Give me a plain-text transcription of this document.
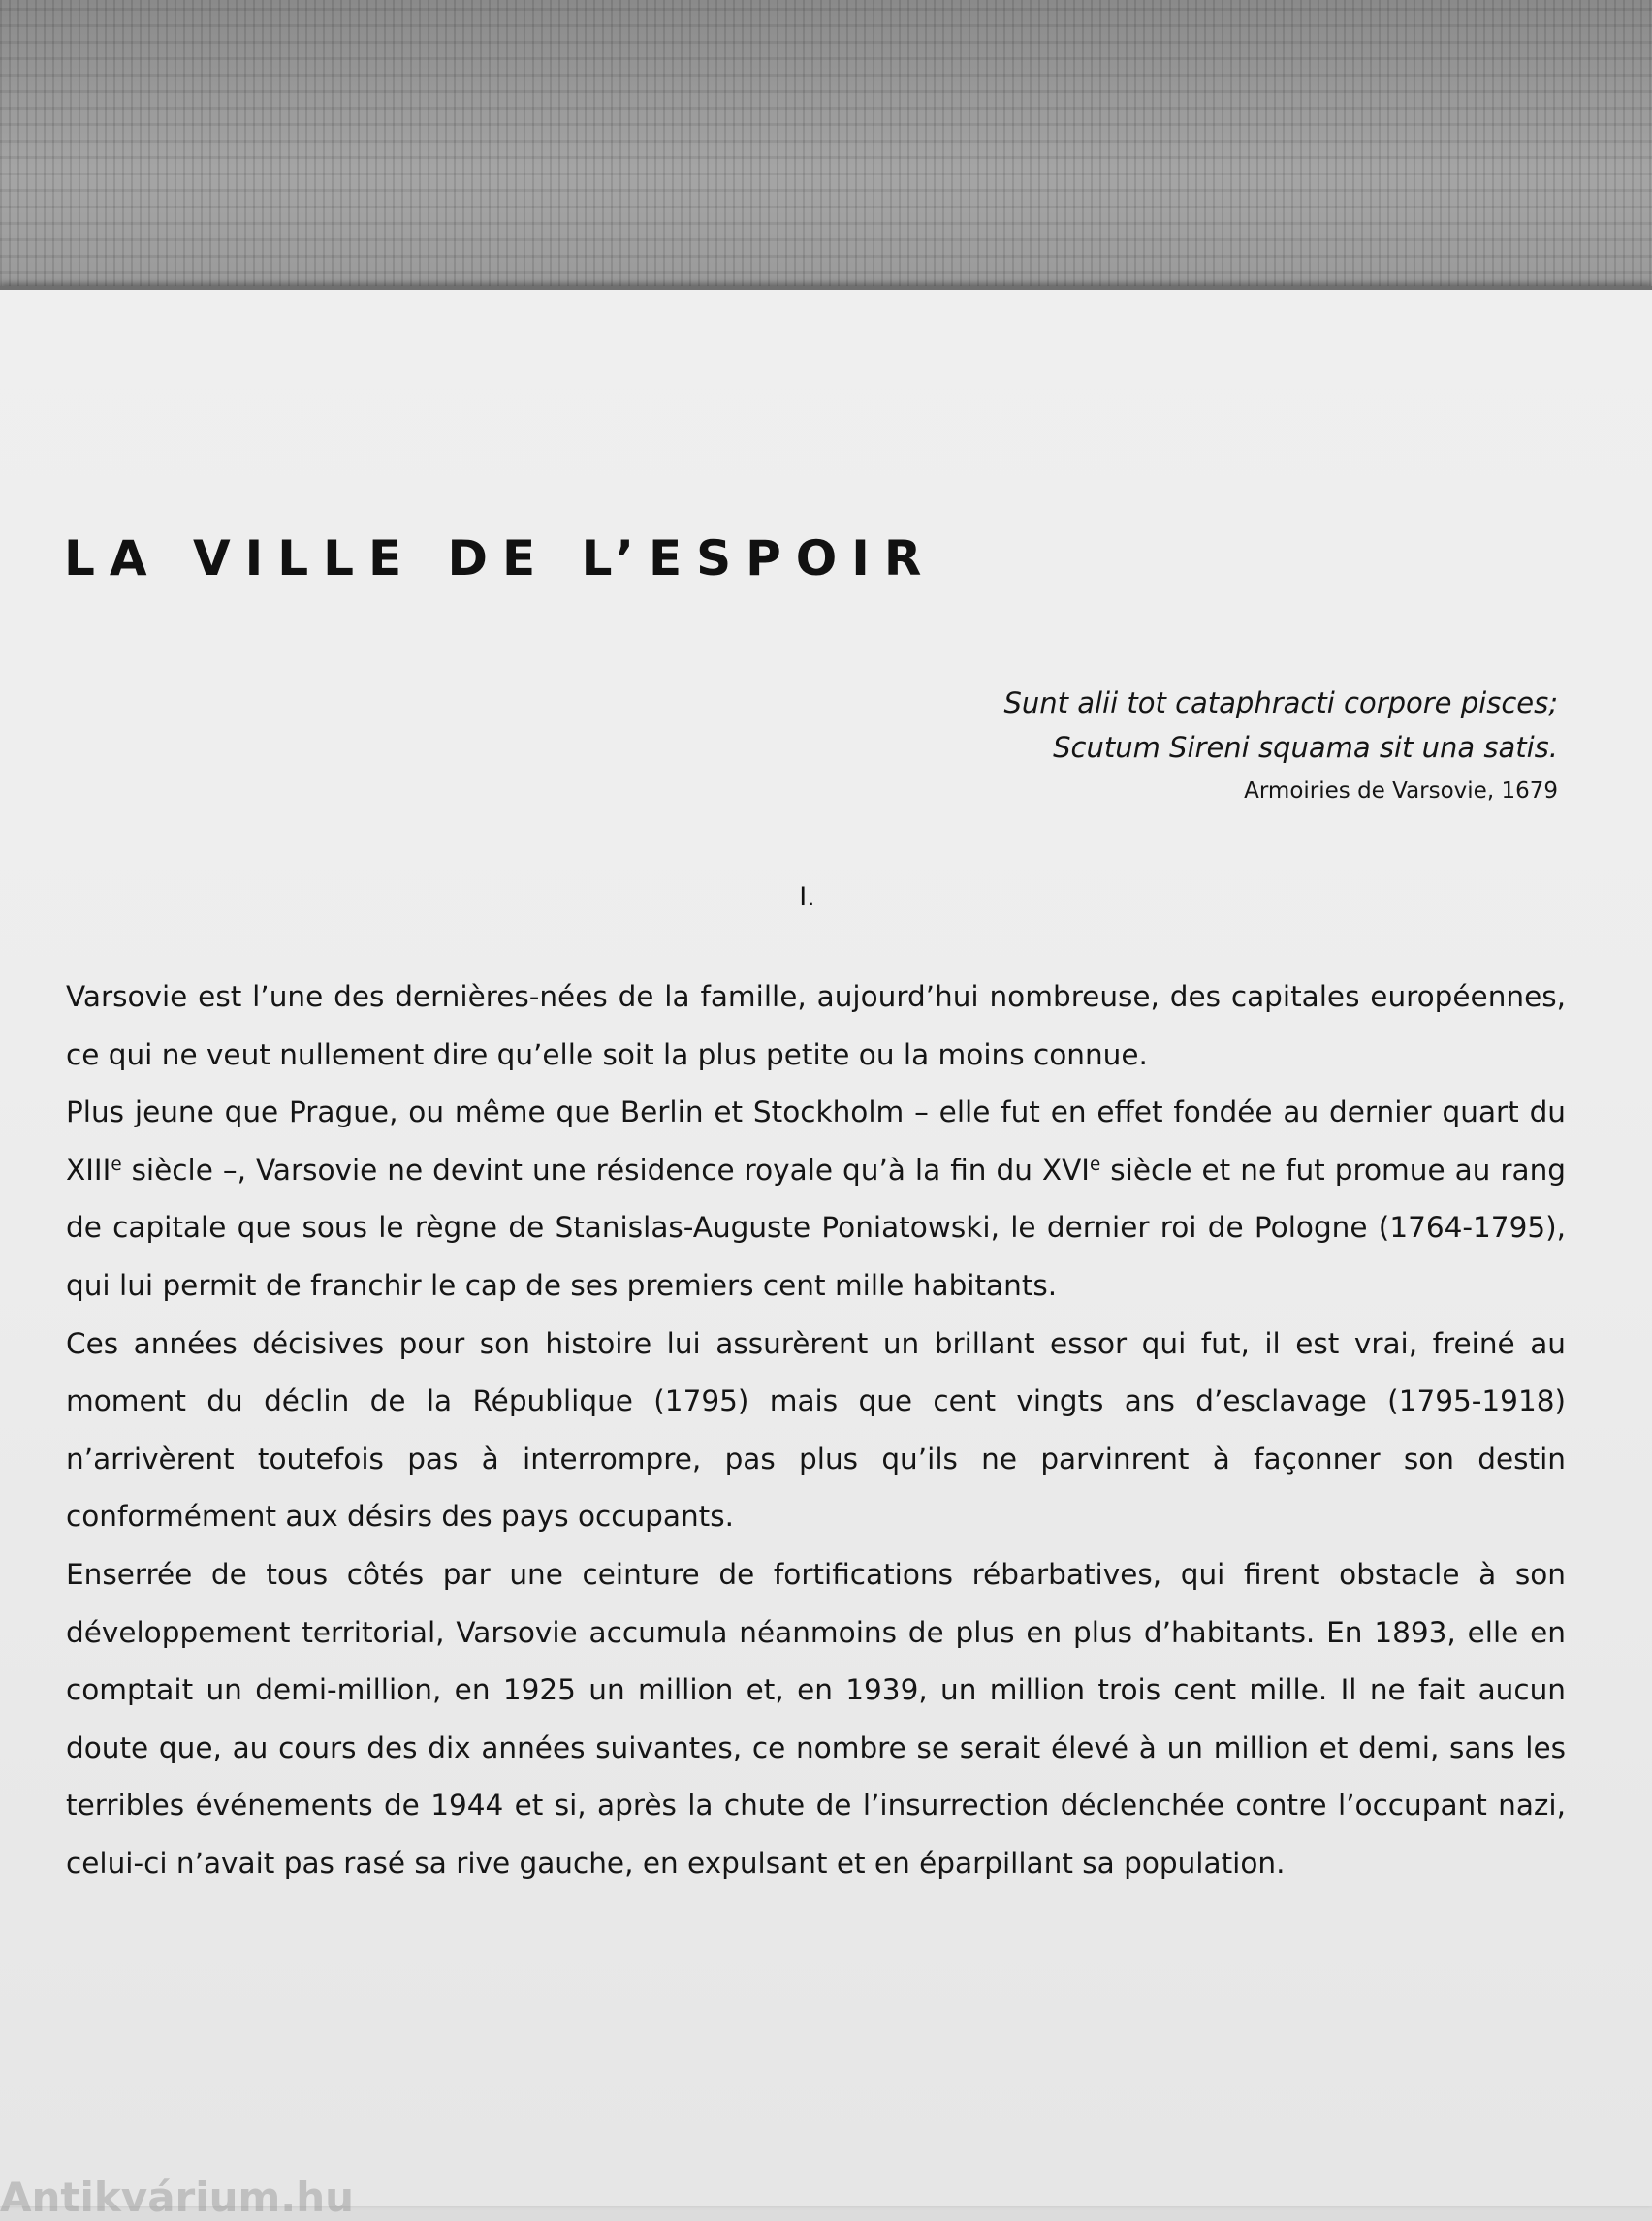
LA VILLE DE L’ESPOIR
Sunt alii tot cataphracti corpore pisces;
Scutum Sireni squama sit una satis.
Armoiries de Varsovie, 1679
I.

Varsovie est l’une des dernières-nées de la famille, aujourd’hui nombreuse, des capitales européennes, ce qui ne veut nullement dire qu’elle soit la plus petite ou la moins connue.

Plus jeune que Prague, ou même que Berlin et Stockholm – elle fut en effet fondée au dernier quart du XIIIe siècle –, Varsovie ne devint une résidence royale qu’à la fin du XVIe siècle et ne fut promue au rang de capitale que sous le règne de Stanislas-Auguste Poniatowski, le dernier roi de Pologne (1764-1795), qui lui permit de franchir le cap de ses premiers cent mille habitants.

Ces années décisives pour son histoire lui assurèrent un brillant essor qui fut, il est vrai, freiné au moment du déclin de la République (1795) mais que cent vingts ans d’esclavage (1795-1918) n’arrivèrent toutefois pas à interrompre, pas plus qu’ils ne parvinrent à façonner son destin conformément aux désirs des pays occupants.

Enserrée de tous côtés par une ceinture de fortifications rébarbatives, qui firent obstacle à son développement territorial, Varsovie accumula néanmoins de plus en plus d’habitants. En 1893, elle en comptait un demi-million, en 1925 un million et, en 1939, un million trois cent mille. Il ne fait aucun doute que, au cours des dix années suivantes, ce nombre se serait élevé à un million et demi, sans les terribles événements de 1944 et si, après la chute de l’insurrection déclenchée contre l’occupant nazi, celui-ci n’avait pas rasé sa rive gauche, en expulsant et en éparpillant sa population.

Antikvárium.hu
